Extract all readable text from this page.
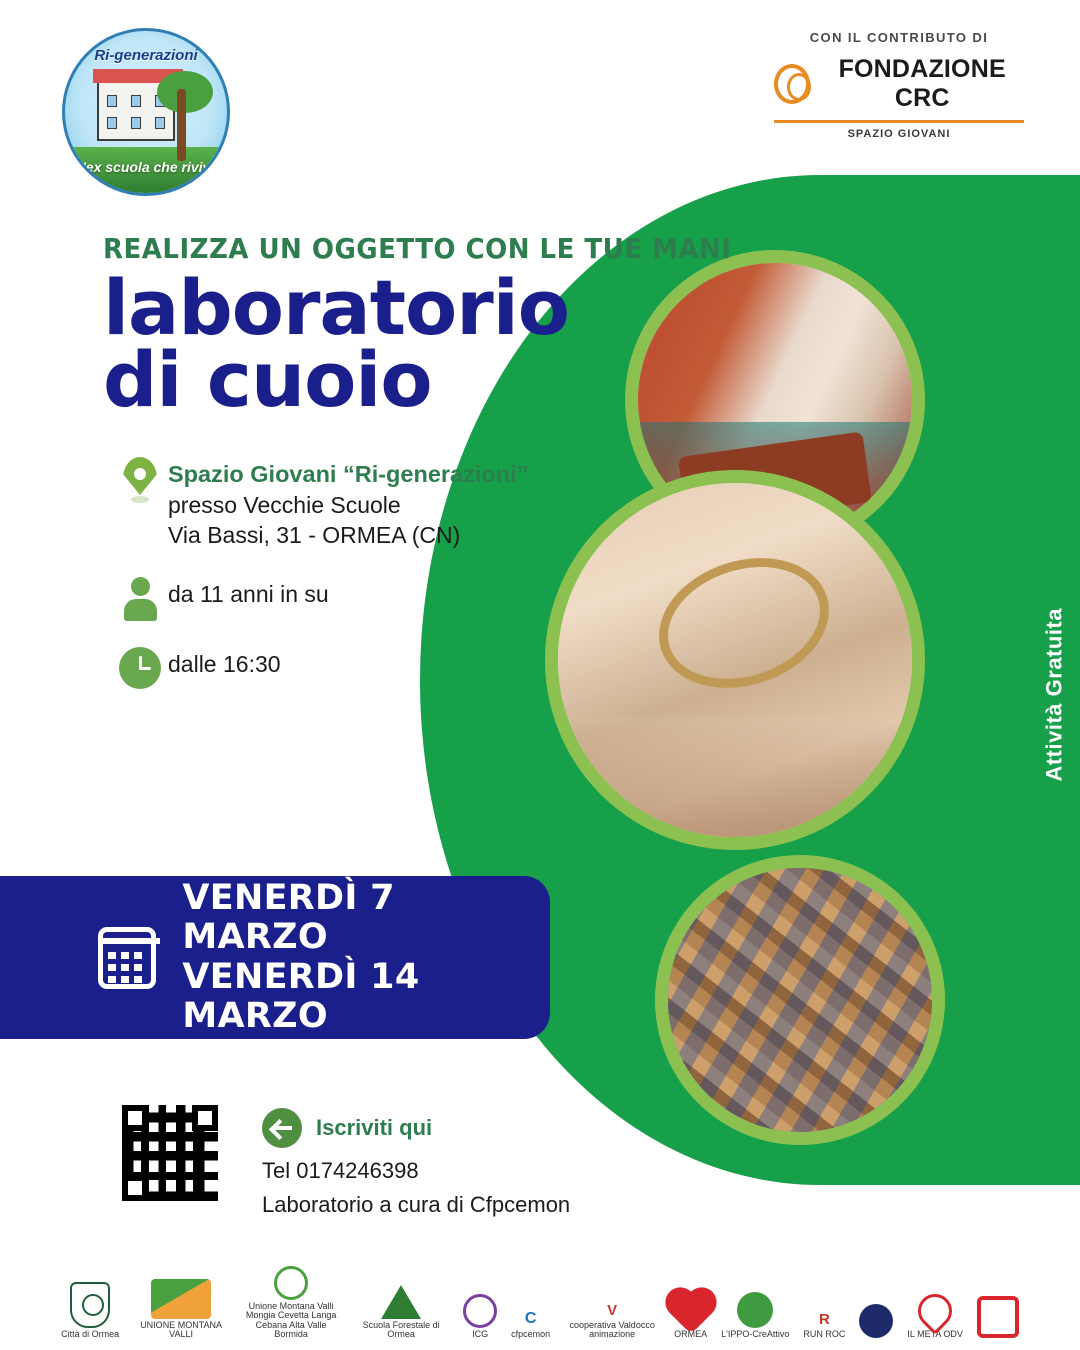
Attività Gratuita
Ri-generazioni
L'ex scuola che rivive
CON IL CONTRIBUTO DI
FONDAZIONE CRC
SPAZIO GIOVANI
REALIZZA UN OGGETTO CON LE TUE MANI
laboratorio
di cuoio
Spazio Giovani “Ri-generazioni”
presso Vecchie Scuole
Via Bassi, 31 - ORMEA (CN)
da 11 anni in su
dalle 16:30
VENERDÌ 7 MARZO
VENERDÌ 14 MARZO
Iscriviti qui
Tel 0174246398
Laboratorio a cura di Cfpcemon
Città di Ormea
UNIONE MONTANA VALLI
Unione Montana Valli Mongia Cevetta Langa Cebana Alta Valle Bormida
Scuola Forestale di Ormea	ICG
C
cfpcemon
V
cooperativa Valdocco animazione	ORMEA L'IPPO-CreAttivo
R
RUN ROC	IL META ODV
